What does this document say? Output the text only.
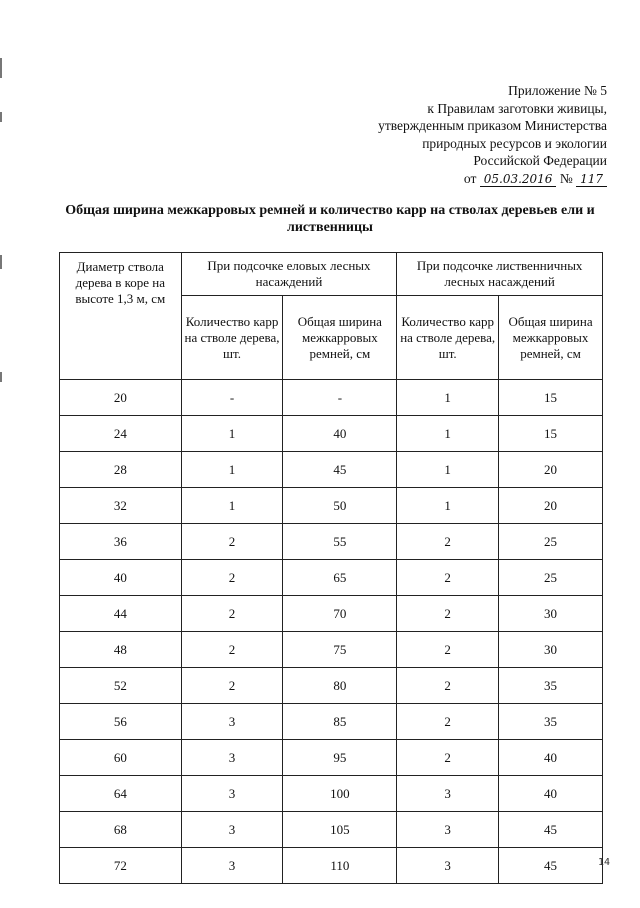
Приложение № 5
к Правилам заготовки живицы,
утвержденным приказом Министерства
природных ресурсов и экологии
Российской Федерации
от 05.03.2016 № 117
Общая ширина межкарровых ремней и количество карр на стволах деревьев ели и лиственницы
Диаметр ствола дерева в коре на высоте 1,3 м, см	При подсочке еловых лесных насаждений		При подсочке лиственничных лесных насаждений	
	Количество карр на стволе дерева, шт.	Общая ширина межкарровых ремней, см	Количество карр на стволе дерева, шт.	Общая ширина межкарровых ремней, см
20	-	-	1	15
24	1	40	1	15
28	1	45	1	20
32	1	50	1	20
36	2	55	2	25
40	2	65	2	25
44	2	70	2	30
48	2	75	2	30
52	2	80	2	35
56	3	85	2	35
60	3	95	2	40
64	3	100	3	40
68	3	105	3	45
72	3	110	3	45	14
